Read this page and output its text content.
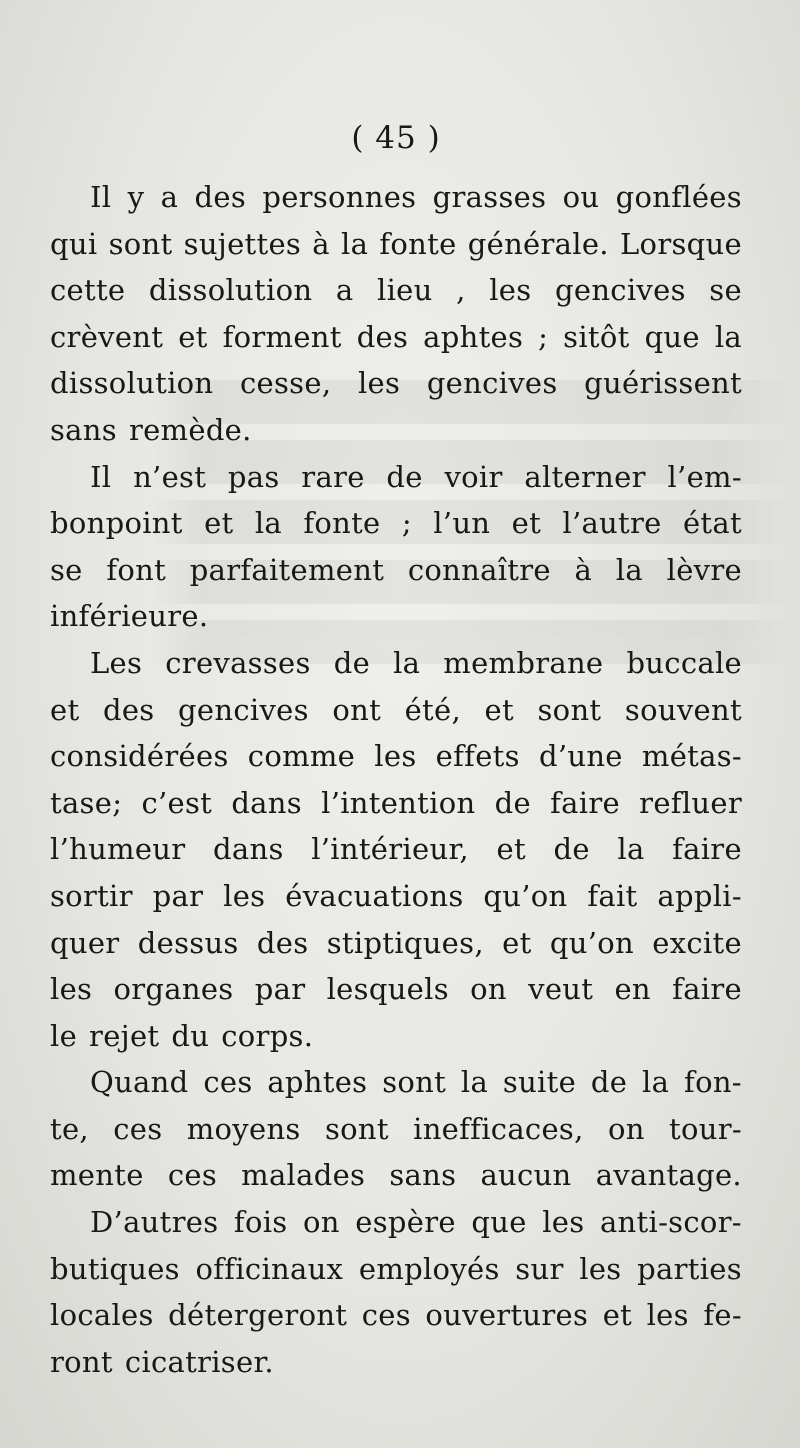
( 45 )
Il y a des personnes grasses ou gonflées
qui sont sujettes à la fonte générale. Lorsque
cette dissolution a lieu , les gencives se
crèvent et forment des aphtes ; sitôt que la
dissolution cesse, les gencives guérissent
sans remède.
Il n’est pas rare de voir alterner l’em-
bonpoint et la fonte ; l’un et l’autre état
se font parfaitement connaître à la lèvre
inférieure.
Les crevasses de la membrane buccale
et des gencives ont été, et sont souvent
considérées comme les effets d’une métas-
tase; c’est dans l’intention de faire refluer
l’humeur dans l’intérieur, et de la faire
sortir par les évacuations qu’on fait appli-
quer dessus des stiptiques, et qu’on excite
les organes par lesquels on veut en faire
le rejet du corps.
Quand ces aphtes sont la suite de la fon-
te, ces moyens sont inefficaces, on tour-
mente ces malades sans aucun avantage.
D’autres fois on espère que les anti-scor-
butiques officinaux employés sur les parties
locales détergeront ces ouvertures et les fe-
ront cicatriser.
